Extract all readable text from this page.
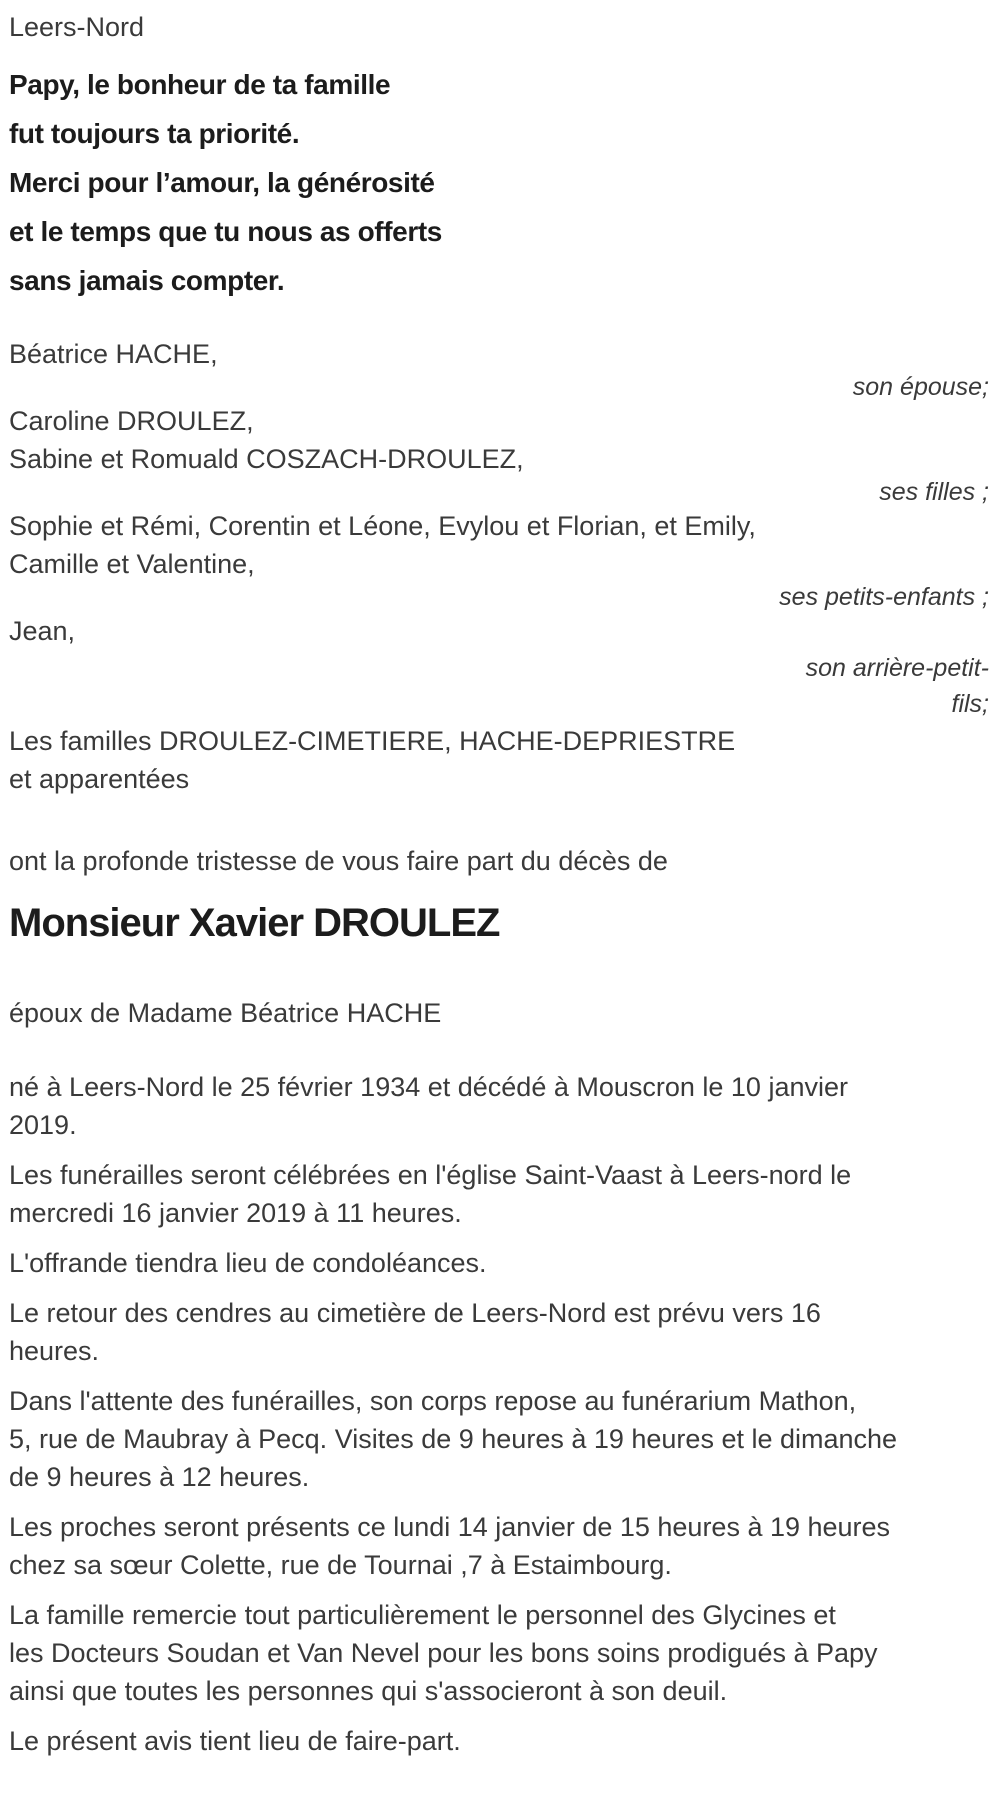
Leers-Nord
Papy, le bonheur de ta famille
fut toujours ta priorité.
Merci pour l’amour, la générosité
et le temps que tu nous as offerts
sans jamais compter.
Béatrice HACHE,
son épouse;
Caroline DROULEZ,
Sabine et Romuald COSZACH-DROULEZ,
ses filles ;
Sophie et Rémi, Corentin et Léone, Evylou et Florian, et Emily,
Camille et Valentine,
ses petits-enfants ;
Jean,
son arrière-petit-fils;
Les familles DROULEZ-CIMETIERE, HACHE-DEPRIESTRE
et apparentées
ont la profonde tristesse de vous faire part du décès de
Monsieur Xavier DROULEZ
époux de Madame Béatrice HACHE
né à Leers-Nord le 25 février 1934 et décédé à Mouscron le 10 janvier
2019.
Les funérailles seront célébrées en l'église Saint-Vaast à Leers-nord le
mercredi 16 janvier 2019 à 11 heures.
L'offrande tiendra lieu de condoléances.
Le retour des cendres au cimetière de Leers-Nord est prévu vers 16
heures.
Dans l'attente des funérailles, son corps repose au funérarium Mathon,
5, rue de Maubray à Pecq. Visites de 9 heures à 19 heures et le dimanche
de 9 heures à 12 heures.
Les proches seront présents ce lundi 14 janvier de 15 heures à 19 heures
chez sa sœur Colette, rue de Tournai ,7 à Estaimbourg.
La famille remercie tout particulièrement le personnel des Glycines et
les Docteurs Soudan et Van Nevel pour les bons soins prodigués à Papy
ainsi que toutes les personnes qui s'associeront à son deuil.
Le présent avis tient lieu de faire-part.
